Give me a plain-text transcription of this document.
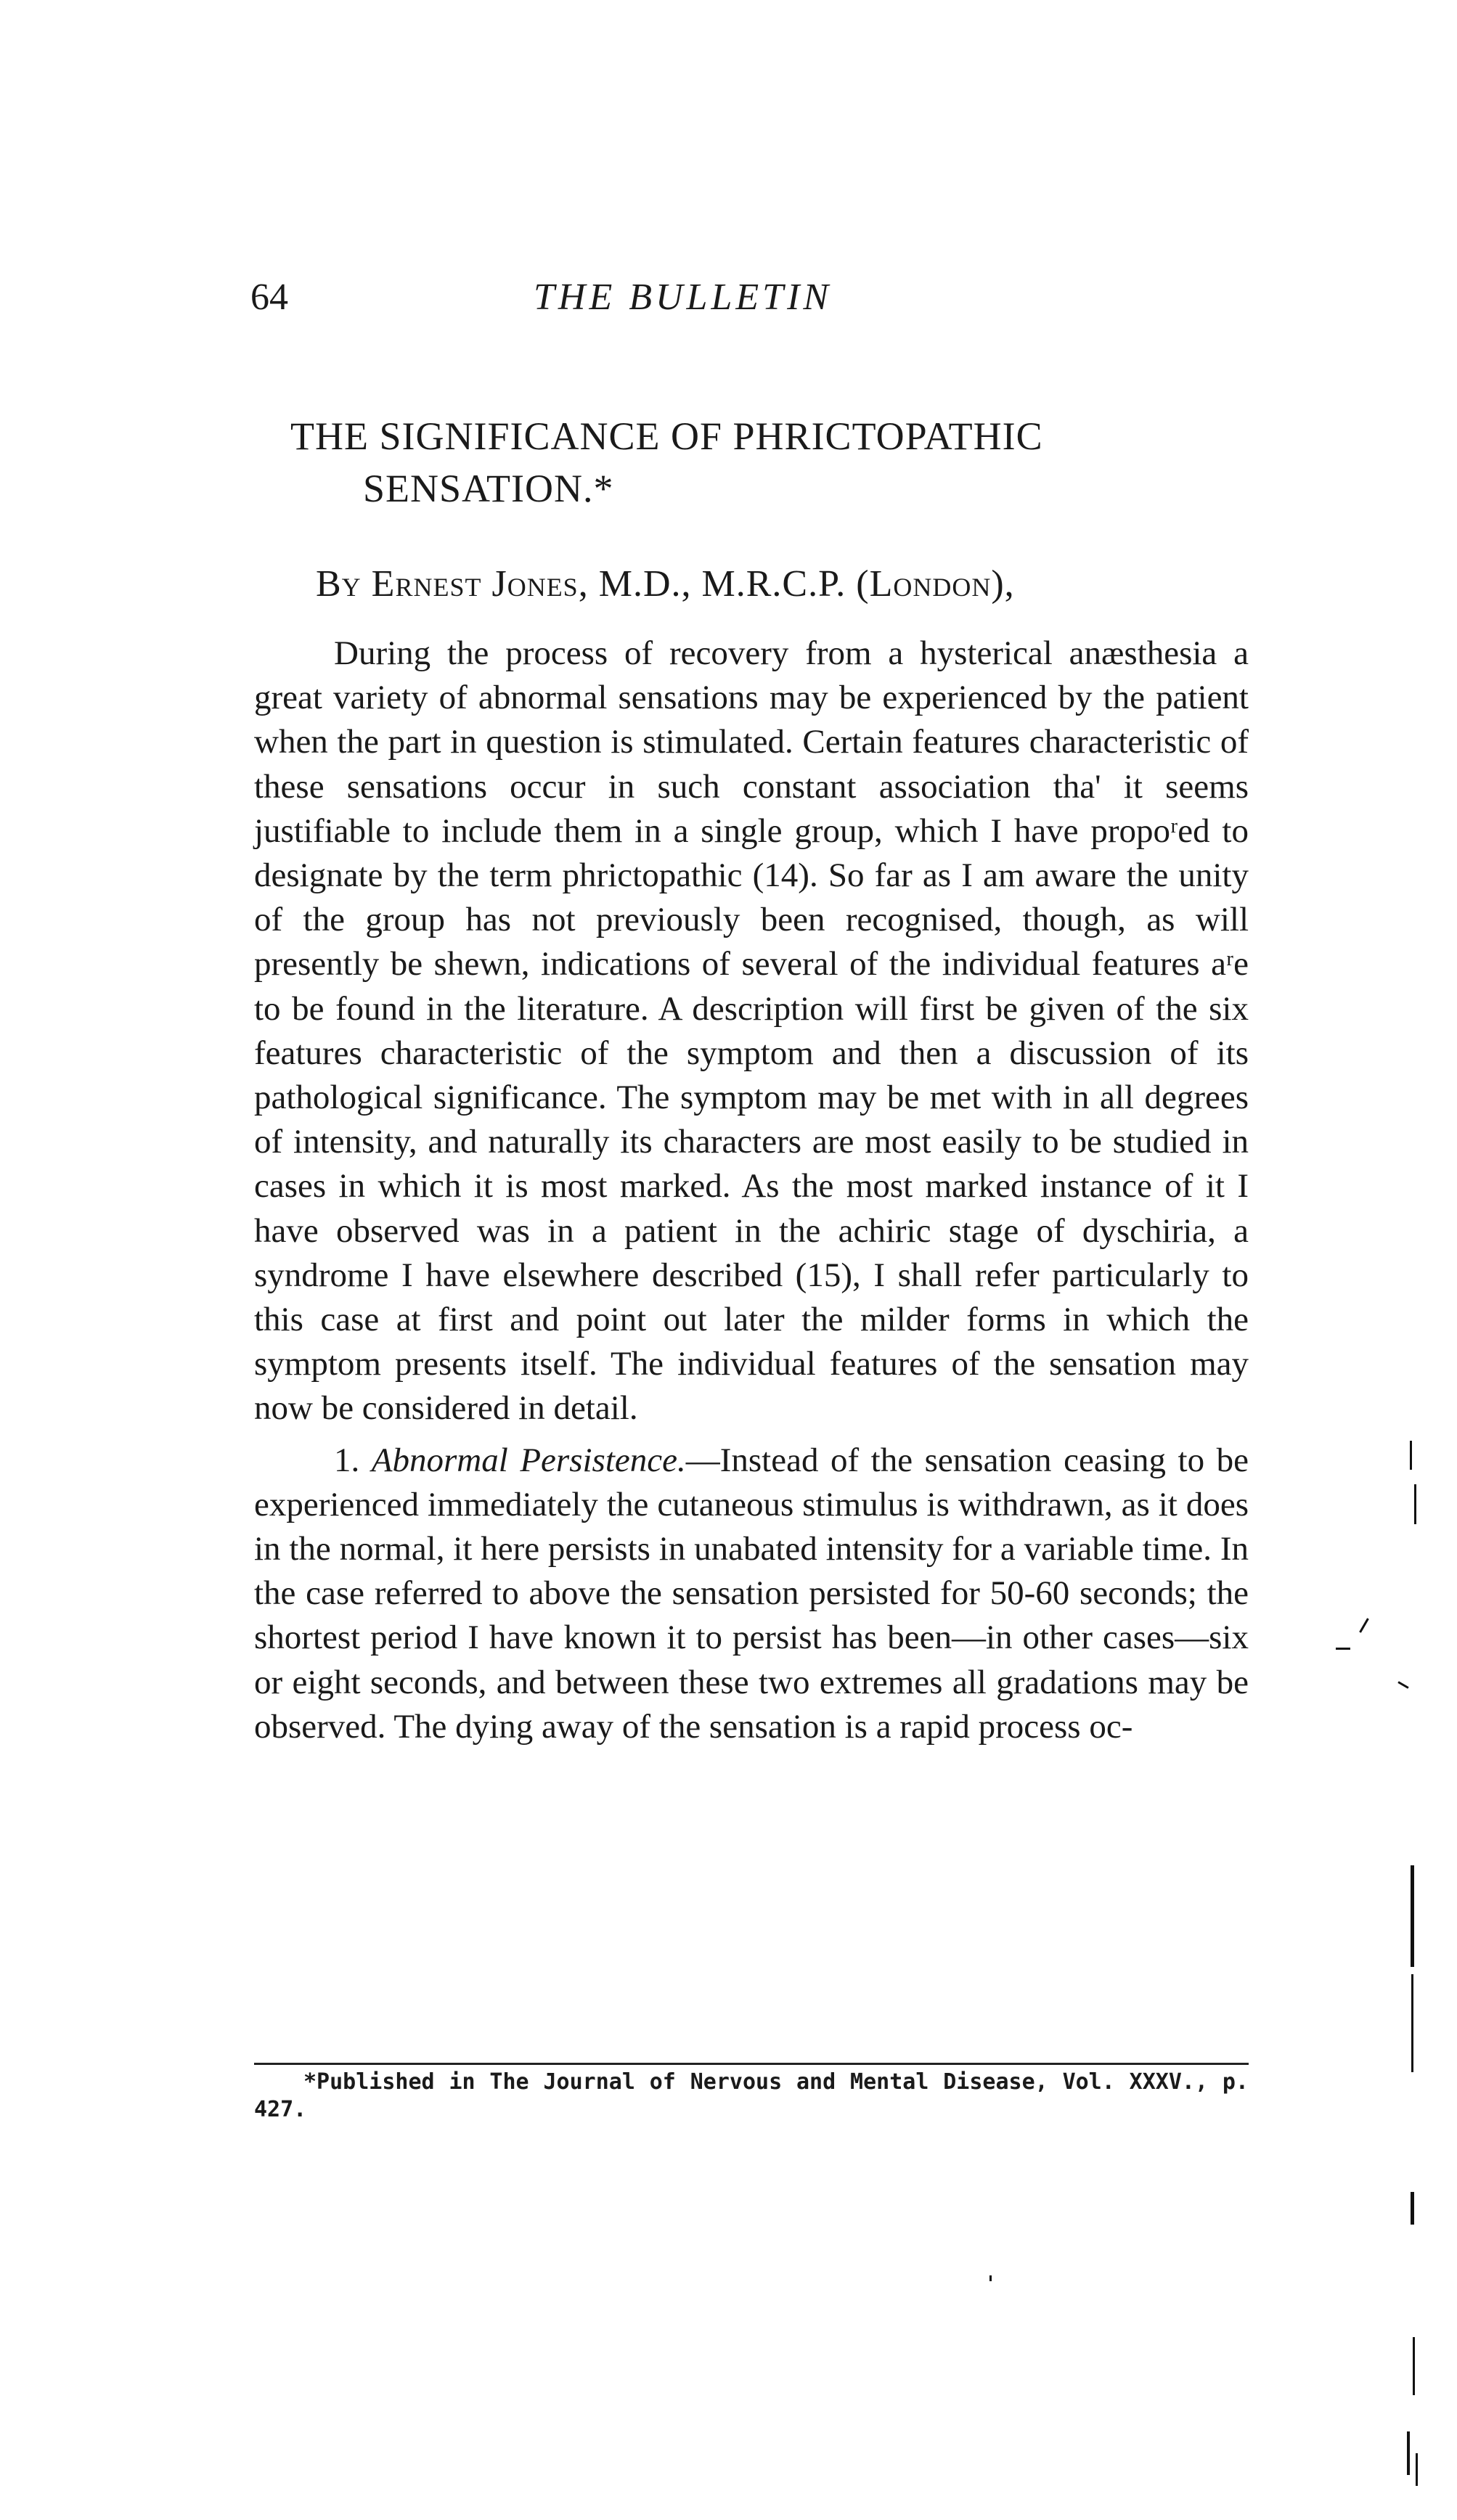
64	THE BULLETIN
THE SIGNIFICANCE OF PHRICTOPATHIC
SENSATION.*
By Ernest Jones, M.D., M.R.C.P. (London),

During the process of recovery from a hysterical anæsthesia a great variety of abnormal sensations may be experienced by the patient when the part in question is stimulated. Certain features characteristic of these sensations occur in such constant association tha' it seems justifiable to include them in a single group, which I have propoʳed to designate by the term phrictopathic (14). So far as I am aware the unity of the group has not previously been recognised, though, as will presently be shewn, indications of several of the individual features aʳe to be found in the literature. A description will first be given of the six features characteristic of the symptom and then a discussion of its pathological significance. The symptom may be met with in all degrees of intensity, and naturally its characters are most easily to be studied in cases in which it is most marked. As the most marked instance of it I have observed was in a patient in the achiric stage of dyschiria, a syndrome I have elsewhere described (15), I shall refer particularly to this case at first and point out later the milder forms in which the symptom presents itself. The individual features of the sensation may now be considered in detail.

1. Abnormal Persistence.—Instead of the sensation ceasing to be experienced immediately the cutaneous stimulus is withdrawn, as it does in the normal, it here persists in unabated intensity for a variable time. In the case referred to above the sensation persisted for 50-60 seconds; the shortest period I have known it to persist has been—in other cases—six or eight seconds, and between these two extremes all gradations may be observed. The dying away of the sensation is a rapid process oc-

*Published in The Journal of Nervous and Mental Disease, Vol. XXXV., p. 427.
